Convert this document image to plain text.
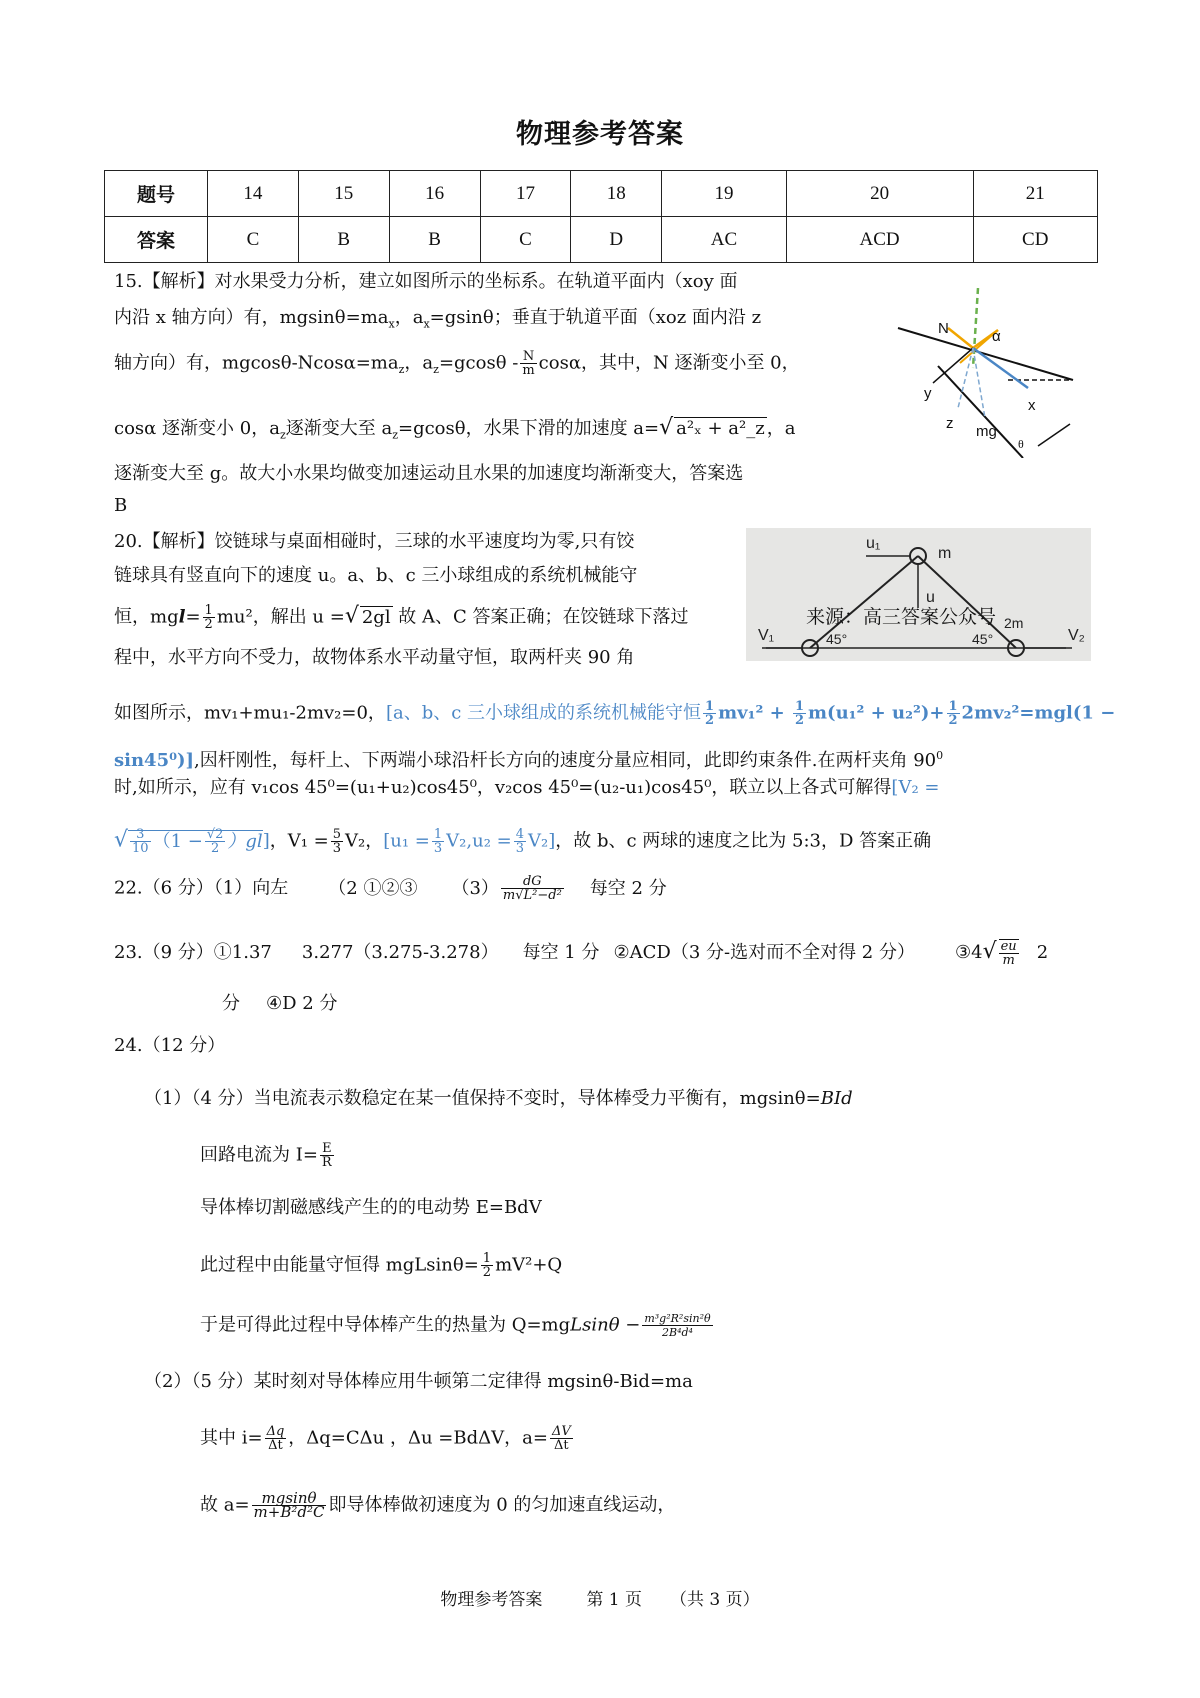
物理参考答案
题号	14	15	16	17	18	19	20	21
答案	C	B	B	C	D	AC	ACD	CD
15.【解析】对水果受力分析，建立如图所示的坐标系。在轨道平面内（xoy 面
内沿 x 轴方向）有，$mgsin\theta=ma_x$，$a_x=gsin\theta$；垂直于轨道平面（xoz 面内沿 z
轴方向）有，mgcosθ-$Ncos\alpha=ma_z$，$a_z=gcos\theta - \frac{N}{m}$ cosα，其中，N 逐渐变小至 0，
cosα 逐渐变小 0，$a_z$逐渐变大至 $a_z=gcos\theta$，水果下滑的加速度 a=√ a²ₓ + a²_z ，a
逐渐变大至 g。故大小水果均做变加速运动且水果的加速度均渐渐变大，答案选
B
N	α
y
x
z mg
θ
20.【解析】饺链球与桌面相碰时，三球的水平速度均为零,只有饺
链球具有竖直向下的速度 u。a、b、c 三小球组成的系统机械能守
恒，$mgl= \frac{1}{2} mu^2$，解出 u =√ 2gl 故 A、C 答案正确；在饺链球下落过
程中，水平方向不受力，故物体系水平动量守恒，取两杆夹 90 角
如图所示，mv₁+mu₁-2mv₂=0，[a、b、c 三小球组成的系统机械能守恒 $\frac{1}{2} mv_1^2 + \frac{1}{2} m(u_1^2 + u_2^2)+ \frac{1}{2} 2mv_2^2=mgl(1$ −
sin45⁰)],因杆刚性，每杆上、下两端小球沿杆长方向的速度分量应相同，此即约束条件.在两杆夹角 $90^0$
时,如所示，应有 v₁cos 45⁰=(u₁+u₂)cos45⁰，v₂cos 45⁰=(u₂-u₁)cos45⁰，联立以上各式可解得[V₂ =
√ $\frac{3}{10} (1 - \frac{√2}{2} )gl$]，$V_1 = \frac{5}{3} V_2$，$[u_1 = \frac{1}{3} V_2,u_2 = \frac{4}{3} V_2]$，故 b、c 两球的速度之比为 5:3，D 答案正确
u₁
m
u
V₁	45°	45°
2m
V₂
来源：高三答案公众号
22.（6 分）（1）向左 （2 ①②③ $(3) \frac{dG}{\text{m√L²−d²}}$ 每空 2 分
23.（9 分）①1.37 3.277（3.275-3.278） 每空 1 分 ②ACD（3 分-选对而不全对得 2 分） ③4√ $\frac{eu}{m} 2$
分 ④D 2 分
24.（12 分）
（1）（4 分）当电流表示数稳定在某一值保持不变时，导体棒受力平衡有，mgsinθ=BId
回路电流为 $I= \frac{E}{R}$
导体棒切割磁感线产生的的电动势 E=BdV
此过程中由能量守恒得 $mgLsin\theta= \frac{1}{2} mV^2+Q$
于是可得此过程中导体棒产生的热量为 $Q=mgLsin\theta - \frac{\text{m³g²R²sin²θ}}{\text{2B⁴d⁴}}$
（2）（5 分）某时刻对导体棒应用牛顿第二定律得 mgsinθ-Bid=ma
其中 $i= \frac{\Delta q}{\Delta t}$ ，Δq=CΔu ，Δu =BdΔV，$a= \frac{\Delta V}{\Delta t}$
故 $a= \frac{mgsin\theta}{\text{m+B²d²C}}$ 即导体棒做初速度为 0 的匀加速直线运动，
物理参考答案	第 1 页 （共 3 页）
